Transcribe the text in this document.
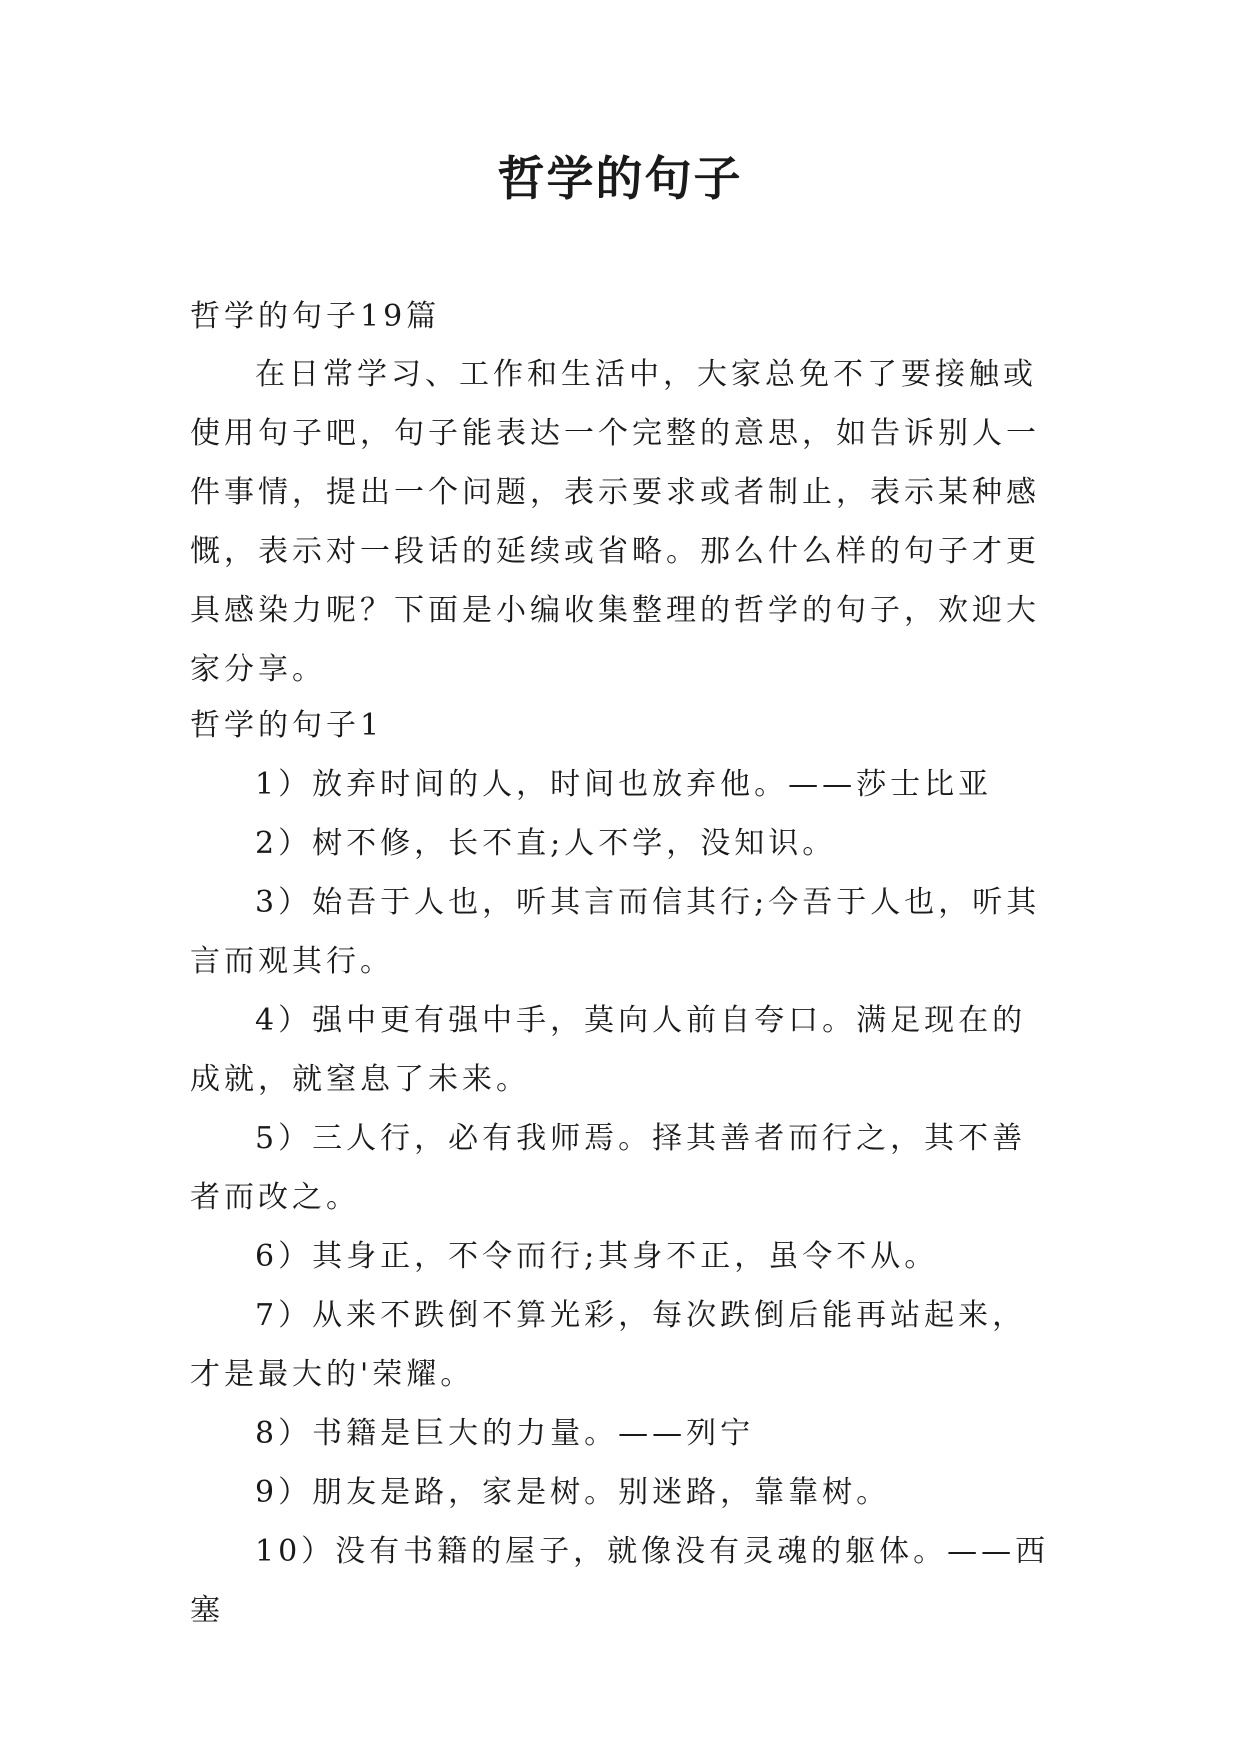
哲学的句子

哲学的句子19篇

在日常学习、工作和生活中，大家总免不了要接触或使用句子吧，句子能表达一个完整的意思，如告诉别人一件事情，提出一个问题，表示要求或者制止，表示某种感慨，表示对一段话的延续或省略。那么什么样的句子才更具感染力呢？下面是小编收集整理的哲学的句子，欢迎大家分享。

哲学的句子1

1）放弃时间的人，时间也放弃他。——莎士比亚
2）树不修，长不直;人不学，没知识。
3）始吾于人也，听其言而信其行;今吾于人也，听其言而观其行。
4）强中更有强中手，莫向人前自夸口。满足现在的成就，就窒息了未来。
5）三人行，必有我师焉。择其善者而行之，其不善者而改之。
6）其身正，不令而行;其身不正，虽令不从。
7）从来不跌倒不算光彩，每次跌倒后能再站起来，才是最大的'荣耀。
8）书籍是巨大的力量。——列宁
9）朋友是路，家是树。别迷路，靠靠树。
10）没有书籍的屋子，就像没有灵魂的躯体。——西塞
